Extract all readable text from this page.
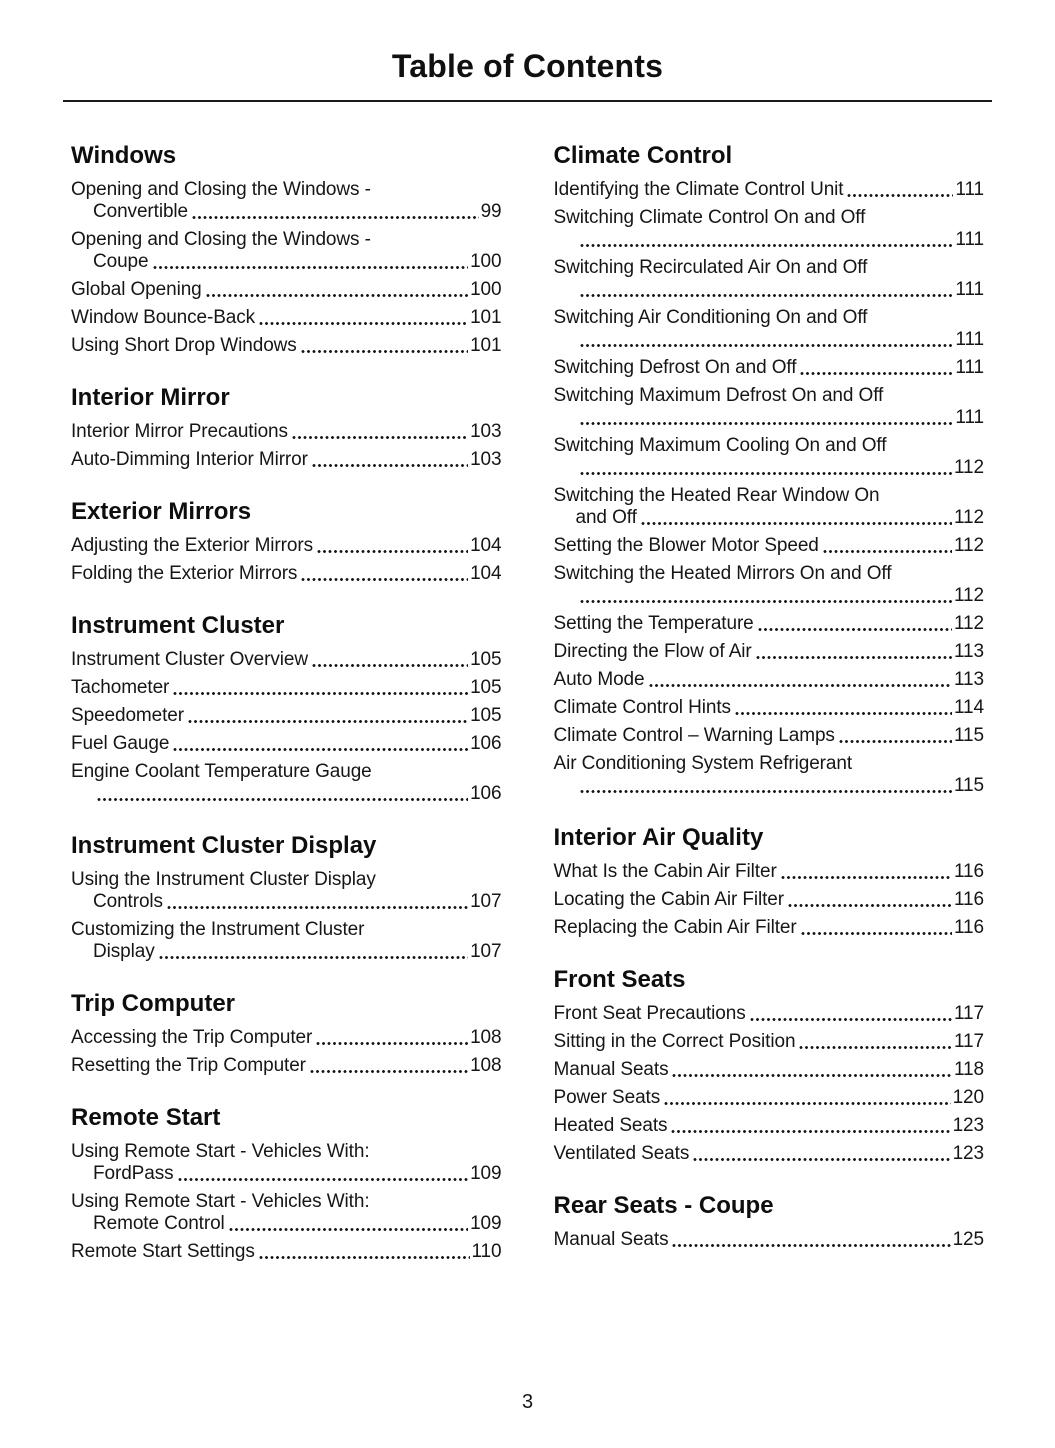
Table of Contents
Windows
Opening and Closing the Windows -
Convertible	99
Opening and Closing the Windows -
Coupe	100
Global Opening	100
Window Bounce-Back	101
Using Short Drop Windows	101
Interior Mirror
Interior Mirror Precautions	103
Auto-Dimming Interior Mirror	103
Exterior Mirrors
Adjusting the Exterior Mirrors	104
Folding the Exterior Mirrors	104
Instrument Cluster
Instrument Cluster Overview	105
Tachometer	105
Speedometer	105
Fuel Gauge	106
Engine Coolant Temperature Gauge
106
Instrument Cluster Display
Using the Instrument Cluster Display
Controls	107
Customizing the Instrument Cluster
Display	107
Trip Computer
Accessing the Trip Computer	108
Resetting the Trip Computer	108
Remote Start
Using Remote Start - Vehicles With:
FordPass	109
Using Remote Start - Vehicles With:
Remote Control	109
Remote Start Settings	110
Climate Control
Identifying the Climate Control Unit	111
Switching Climate Control On and Off
111
Switching Recirculated Air On and Off
111
Switching Air Conditioning On and Off
111
Switching Defrost On and Off	111
Switching Maximum Defrost On and Off
111
Switching Maximum Cooling On and Off
112
Switching the Heated Rear Window On
and Off	112
Setting the Blower Motor Speed	112
Switching the Heated Mirrors On and Off
112
Setting the Temperature	112
Directing the Flow of Air	113
Auto Mode	113
Climate Control Hints	114
Climate Control – Warning Lamps	115
Air Conditioning System Refrigerant
115
Interior Air Quality
What Is the Cabin Air Filter	116
Locating the Cabin Air Filter	116
Replacing the Cabin Air Filter	116
Front Seats
Front Seat Precautions	117
Sitting in the Correct Position	117
Manual Seats	118
Power Seats	120
Heated Seats	123
Ventilated Seats	123
Rear Seats - Coupe
Manual Seats	125
3
